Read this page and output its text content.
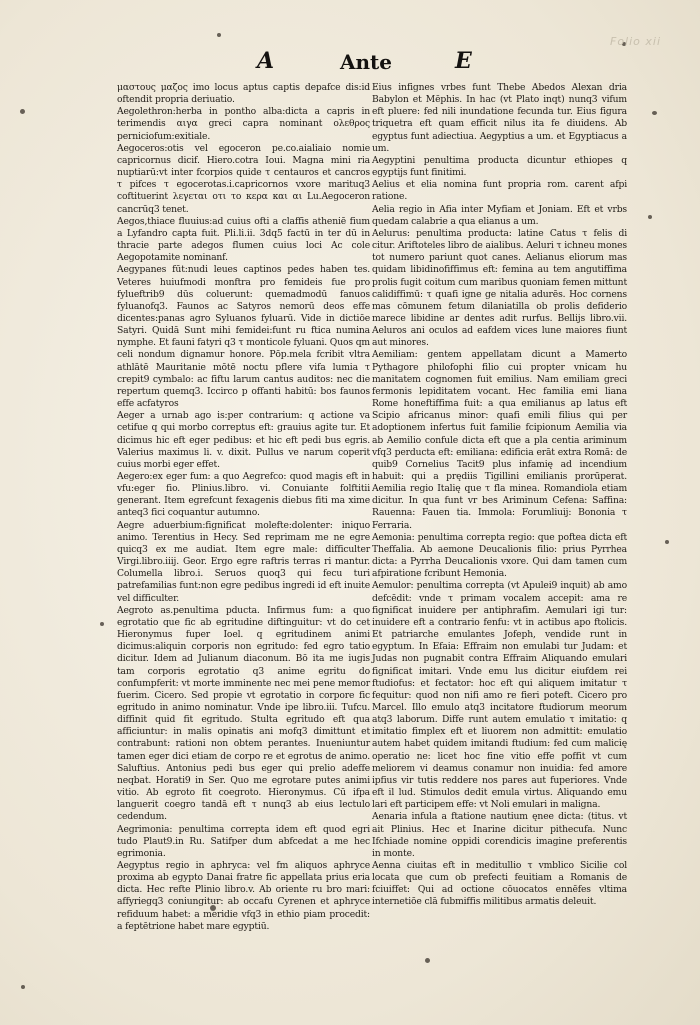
Folio xii
A	Ante	E

μαστους μαζος imo locus aptus captis depafce dis:id oftendit propria deriuatio.

Aegolethron:herba in pontho alba:dicta a capris in terimendis αιγα greci capra nominant ολεθρος perniciofum:exitiale.

Aegoceros:otis vel egoceron pe.co.aialiaio nomie capricornus dicif. Hiero.cotra Ioui. Magna mini ria nuptiarū:vt inter fcorpios quide τ centauros et cancros τ pifces τ egocerotas.i.capricornos vxore marituq3 coftituerint λεγεται οτι το κερα και αι Lu.Aegoceron cancrūq3 tenet.

Aegos,thiace fluuius:ad cuius ofti a claffis atheniē fium a Lyfandro capta fuit. Pli.li.ii. 3dq5 factū in ter dū in thracie parte adegos flumen cuius loci Ac cole Aegopotamite nominanf.

Aegypanes fūt:nudi leues captinos pedes haben tes. Veteres huiufmodi monftra pro femideis fue pro fylueftrib9 dūs coluerunt: quemadmodū fanuos fyluanofq3. Faunos ac Satyros nemorū deos effe dicentes:panas agro Syluanos fyluarū. Vide in dictiōe Satyri. Quidā Sunt mihi femidei:funt ru ftica numina nymphe. Et fauni fatyri q3 τ monticole fyluani. Quos qm celi nondum dignamur honore. Pōp.mela fcribit vltra athlātē Mauritanie mōtē noctu pflere vifa lumia τ crepit9 cymbalo: ac fiftu larum cantus auditos: nec die repertum quemq3. Iccirco p offanti habitū: bos faunos effe acfatyros

Aeger a urnab ago is:per contrarium: q actione va cetifue q qui morbo correptus eft: grauius agite tur. Et dicimus hic eft eger pedibus: et hic eft pedi bus egris. Valerius maximus li. v. dixit. Pullus ve narum coperit cuius morbi eger effet.

Aegero:ex eger fum: a quo Aegrefco: quod magis eft in vfu:eger fio. Plinius.libro. vi. Conuiante folftitii generant. Item egrefcunt fexagenis diebus fiti ma xime anteq3 fici coquantur autumno.

Aegre aduerbium:fignificat molefte:dolenter: iniquo animo. Terentius in Hecy. Sed reprimam me ne egre quicq3 ex me audiat. Item egre male: difficulter Virgi.libro.iiij. Geor. Ergo egre raftris terras ri mantur. Columella libro.i. Seruos quoq3 qui fecu turi patrefamilias funt:non egre pedibus ingredi id eft inuite vel difficulter.

Aegroto as.penultima pducta. Infirmus fum: a quo egrotatio que fic ab egritudine diftinguitur: vt do cet Hieronymus fuper Ioel. q egritudinem animi dicimus:aliquin corporis non egritudo: fed egro tatio dicitur. Idem ad Julianum diaconum. Bō ita me iugis tam corporis egrotatio q3 anime egritu do confumpferit: vt morte imminente nec mei pene memor fuerim. Cicero. Sed propie vt egrotatio in corpore fic egritudo in animo nominatur. Vnde ipe libro.iii. Tufcu. diffinit quid fit egritudo. Stulta egritudo eft qua afficiuntur: in malis opinatis ani mofq3 dimittunt et contrabunt: rationi non obtem perantes. Inueniuntur tamen eger dici etiam de corpo re et egrotus de animo. Saluftius. Antonius pedi bus eger qui prelio adeffe neqbat. Horati9 in Ser. Quo me egrotare putes animi vitio. Ab egroto fit coegroto. Hieronymus. Cū ifpa languerit coegro tandā eft τ nunq3 ab eius lectulo cedendum.

Aegrimonia: penultima correpta idem eft quod egri tudo Plaut9.in Ru. Satifper dum abfcedat a me hec egrimonia.

Aegyptus regio in aphryca: vel fm aliquos aphryce proxima ab egypto Danai fratre fic appellata prius eria dicta. Hec refte Plinio libro.v. Ab oriente ru bro mari: affyriegq3 coniungitur: ab occafu Cyrenen et aphryce refiduum habet: a meridie vfq3 in ethio piam procedit: a feptētrione habet mare egyptiū.

Eius infignes vrbes funt Thebe Abedos Alexan dria Babylon et Mēphis. In hac (vt Plato inqt) nunq3 vifum eft pluere: fed nili inundatione fecunda tur. Eius figura triquetra eft quam efficit nilus ita fe diuidens. Ab egyptus funt adiectiua. Aegyptius a um. et Egyptiacus a um.

Aegyptini penultima producta dicuntur ethiopes q egyptijs funt finitimi.

Aelius et elia nomina funt propria rom. carent afpi ratione.

Aelia regio in Afia inter Myfiam et Joniam. Eft et vrbs quedam calabrie a qua elianus a um.

Aelurus: penultima producta: latine Catus τ felis di citur. Ariftoteles libro de aialibus. Aeluri τ ichneu mones tot numero pariunt quot canes. Aelianus eliorum mas quidam libidinofiffimus eft: femina au tem angutiffima prolis fugit coitum cum maribus quoniam femen mittunt calidiffimū: τ quafi igne ge nitalia adurēs. Hoc cornens mas cōmunem fetum dilaniatilla ob prolis defiderio marece libidine ar dentes adit rurfus. Bellijs libro.vii. Aeluros ani oculos ad eafdem vices lune maiores fiunt aut minores.

Aemiliam: gentem appellatam dicunt a Mamerto Pythagore philofophi filio cui propter vnicam hu manitatem cognomen fuit emilius. Nam emiliam greci fermonis lepiditatem vocant. Hec familia emi liana Rome honeftiffima fuit: a qua emilianus ap latus eft Scipio africanus minor: quafi emili filius qui per adoptionem infertus fuit familie fcipionum Aemilia via ab Aemilio confule dicta eft que a pla centia ariminum vfq3 perducta eft: emiliana: edificia erāt extra Romā: de quib9 Cornelius Tacit9 plus infamię ad incendium habuit: qui a prędiis Tigillini emilianis prorūperat. Aemilia regio Italię que τ fla minea. Romandiola etiam dicitur. In qua funt vr bes Ariminum Cefena: Saffina: Rauenna: Fauen tia. Immola: Forumliuij: Bononia τ Ferraria.

Aemonia: penultima correpta regio: que poftea dicta eft Theffalia. Ab aemone Deucalionis filio: prius Pyrrhea dicta: a Pyrrha Deucalionis vxore. Qui dam tamen cum afpiratione fcribunt Hemonia.

Aemulor: penultima correpta (vt Apulei9 inquit) ab amo defcēdit: vnde τ primam vocalem accepit: ama re fignificat inuidere per antiphrafim. Aemulari igi tur: inuidere eft a contrario fenfu: vt in actibus apo ftolicis. Et patriarche emulantes Jofeph, vendide runt in egyptum. In Efaia: Effraim non emulabi tur Judam: et Judas non pugnabit contra Effraim Aliquando emulari fignificat imitari. Vnde emu lus dicitur eiufdem rei ftudiofus: et fectator: hoc eft qui aliquem imitatur τ fequitur: quod non nifi amo re fieri poteft. Cicero pro Marcel. Illo emulo atq3 incitatore ftudiorum meorum atq3 laborum. Diffe runt autem emulatio τ imitatio: q imitatio fimplex eft et liuorem non admittit: emulatio autem habet quidem imitandi ftudium: fed cum malicię operatio ne: licet hoc fine vitio effe poffit vt cum meliorem vi deamus conamur non inuidia: fed amore ipfius vir tutis reddere nos pares aut fuperiores. Vnde eft il lud. Stimulos dedit emula virtus. Aliquando emu lari eft participem effe: vt Noli emulari in maligna.

Aenaria infula a ftatione nautium ęnee dicta: (titus. vt ait Plinius. Hec et Inarine dicitur pithecufa. Nunc Ifchiade nomine oppidi corendicis imagine preferentis in monte.

Aenna ciuitas eft in meditullio τ vmblico Sicilie col locata que cum ob prefecti feuitiam a Romanis de fciuiffet: Qui ad octione cōuocatos ennēfes vltima internetiōe clā fubmiffis militibus armatis deleuit.
